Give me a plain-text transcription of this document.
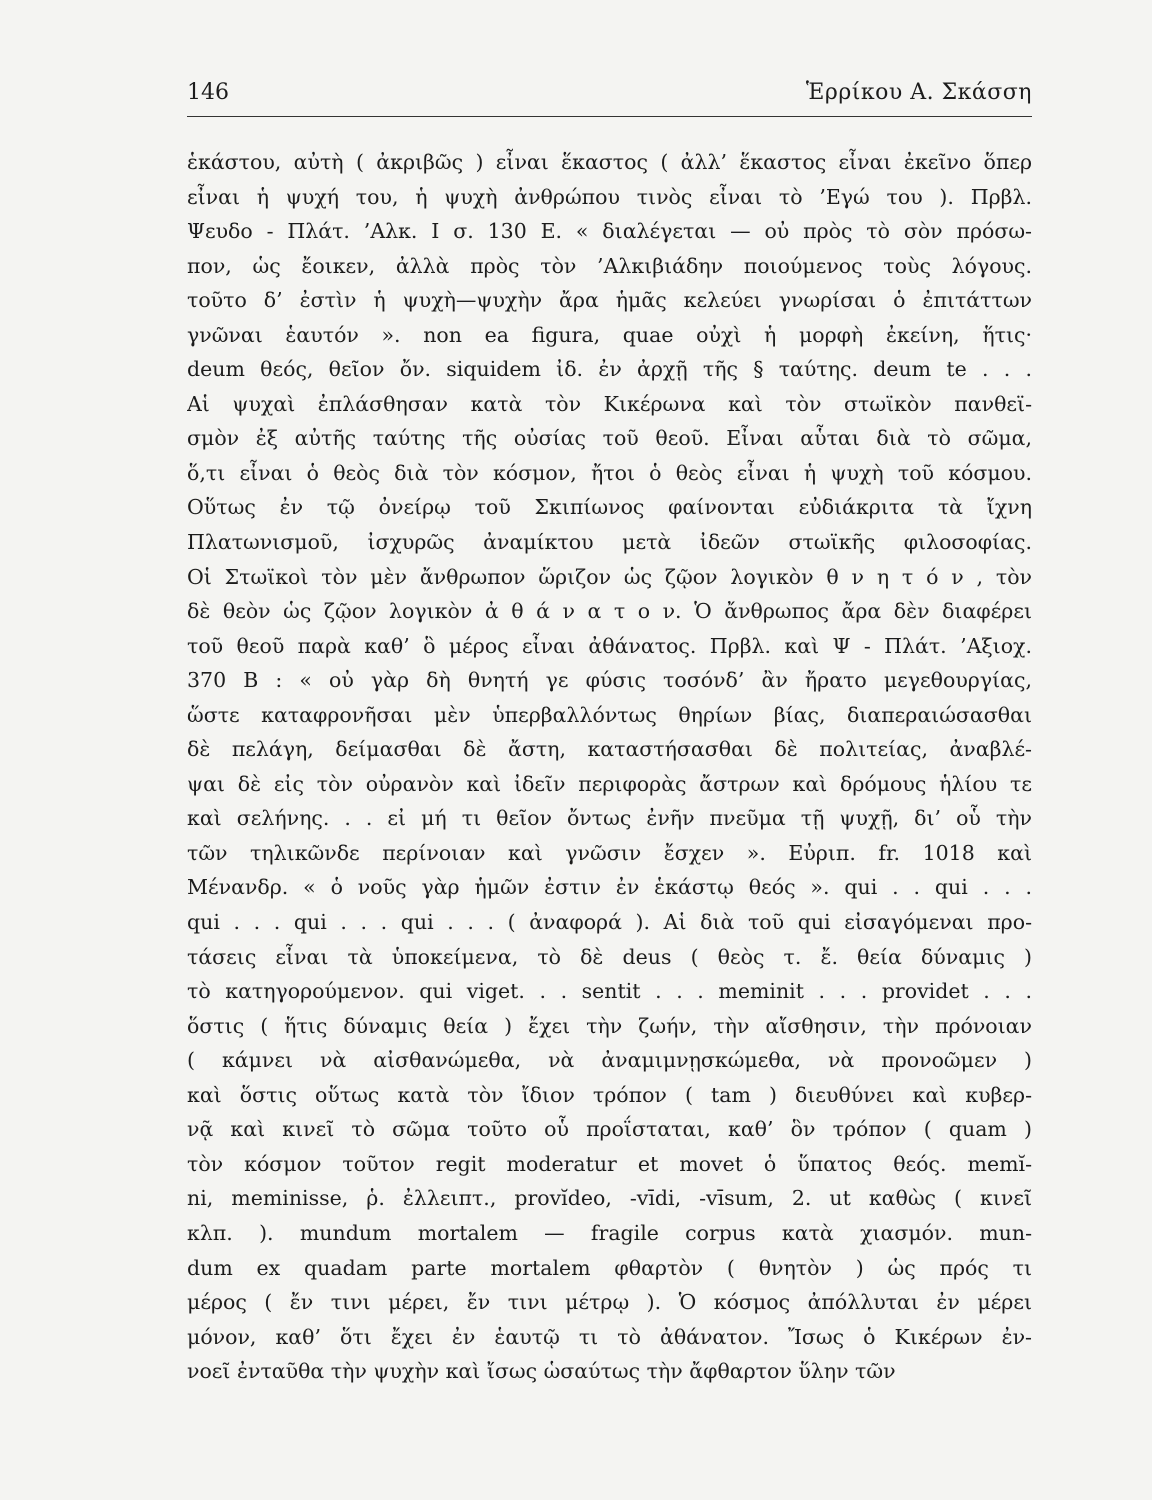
146	Ἑρρίκου Α. Σκάσση
ἑκάστου, αὐτὴ ( ἀκριβῶς ) εἶναι ἕκαστος ( ἀλλ’ ἕκαστος εἶναι ἐκεῖνο ὅπερ
εἶναι ἡ ψυχή του, ἡ ψυχὴ ἀνθρώπου τινὸς εἶναι τὸ ’Εγώ του ). Πρβλ.
Ψευδο - Πλάτ. ’Αλκ. Ι σ. 130 Ε. « διαλέγεται — οὐ πρὸς τὸ σὸν πρόσω-
πον, ὡς ἔοικεν, ἀλλὰ πρὸς τὸν ’Αλκιβιάδην ποιούμενος τοὺς λόγους.
τοῦτο δ’ ἐστὶν ἡ ψυχὴ—ψυχὴν ἄρα ἡμᾶς κελεύει γνωρίσαι ὁ ἐπιτάττων
γνῶναι ἑαυτόν ». non ea figura, quae οὐχὶ ἡ μορφὴ ἐκείνη, ἥτις·
deum θεός, θεῖον ὄν. siquidem ἰδ. ἐν ἀρχῇ τῆς § ταύτης. deum te . . .
Αἱ ψυχαὶ ἐπλάσθησαν κατὰ τὸν Κικέρωνα καὶ τὸν στωϊκὸν πανθεϊ-
σμὸν ἐξ αὐτῆς ταύτης τῆς οὐσίας τοῦ θεοῦ. Εἶναι αὗται διὰ τὸ σῶμα,
ὅ,τι εἶναι ὁ θεὸς διὰ τὸν κόσμον, ἤτοι ὁ θεὸς εἶναι ἡ ψυχὴ τοῦ κόσμου.
Οὕτως ἐν τῷ ὀνείρῳ τοῦ Σκιπίωνος φαίνονται εὐδιάκριτα τὰ ἴχνη
Πλατωνισμοῦ, ἰσχυρῶς ἀναμίκτου μετὰ ἰδεῶν στωϊκῆς φιλοσοφίας.
Οἱ Στωϊκοὶ τὸν μὲν ἄνθρωπον ὥριζον ὡς ζῷον λογικὸν θ ν η τ ό ν , τὸν
δὲ θεὸν ὡς ζῷον λογικὸν ἀ θ ά ν α τ ο ν. Ὁ ἄνθρωπος ἄρα δὲν διαφέρει
τοῦ θεοῦ παρὰ καθ’ ὃ μέρος εἶναι ἀθάνατος. Πρβλ. καὶ Ψ - Πλάτ. ’Αξιοχ.
370 Β : « οὐ γὰρ δὴ θνητή γε φύσις τοσόνδ’ ἂν ἤρατο μεγεθουργίας,
ὥστε καταφρονῆσαι μὲν ὑπερβαλλόντως θηρίων βίας, διαπεραιώσασθαι
δὲ πελάγη, δείμασθαι δὲ ἄστη, καταστήσασθαι δὲ πολιτείας, ἀναβλέ-
ψαι δὲ εἰς τὸν οὐρανὸν καὶ ἰδεῖν περιφορὰς ἄστρων καὶ δρόμους ἡλίου τε
καὶ σελήνης. . . εἰ μή τι θεῖον ὄντως ἐνῆν πνεῦμα τῇ ψυχῇ, δι’ οὗ τὴν
τῶν τηλικῶνδε περίνοιαν καὶ γνῶσιν ἔσχεν ». Εὐριπ. fr. 1018 καὶ
Μένανδρ. « ὁ νοῦς γὰρ ἡμῶν ἐστιν ἐν ἑκάστῳ θεός ». qui . . qui . . .
qui . . . qui . . . qui . . . ( ἀναφορά ). Αἱ διὰ τοῦ qui εἰσαγόμεναι προ-
τάσεις εἶναι τὰ ὑποκείμενα, τὸ δὲ deus ( θεὸς τ. ἔ. θεία δύναμις )
τὸ κατηγορούμενον. qui viget. . . sentit . . . meminit . . . providet . . .
ὅστις ( ἥτις δύναμις θεία ) ἔχει τὴν ζωήν, τὴν αἴσθησιν, τὴν πρόνοιαν
( κάμνει νὰ αἰσθανώμεθα, νὰ ἀναμιμνῃσκώμεθα, νὰ προνοῶμεν )
καὶ ὅστις οὕτως κατὰ τὸν ἴδιον τρόπον ( tam ) διευθύνει καὶ κυβερ-
νᾷ καὶ κινεῖ τὸ σῶμα τοῦτο οὗ προΐσταται, καθ’ ὃν τρόπον ( quam )
τὸν κόσμον τοῦτον regit moderatur et movet ὁ ὕπατος θεός. memĭ-
ni, meminisse, ῥ. ἐλλειπτ., provĭdeo, -vīdi, -vīsum, 2. ut καθὼς ( κινεῖ
κλπ. ). mundum mortalem — fragile corpus κατὰ χιασμόν. mun-
dum ex quadam parte mortalem φθαρτὸν ( θνητὸν ) ὡς πρός τι
μέρος ( ἔν τινι μέρει, ἔν τινι μέτρῳ ). Ὁ κόσμος ἀπόλλυται ἐν μέρει
μόνον, καθ’ ὅτι ἔχει ἐν ἑαυτῷ τι τὸ ἀθάνατον. Ἴσως ὁ Κικέρων ἐν-
νοεῖ ἐνταῦθα τὴν ψυχὴν καὶ ἴσως ὡσαύτως τὴν ἄφθαρτον ὕλην τῶν
